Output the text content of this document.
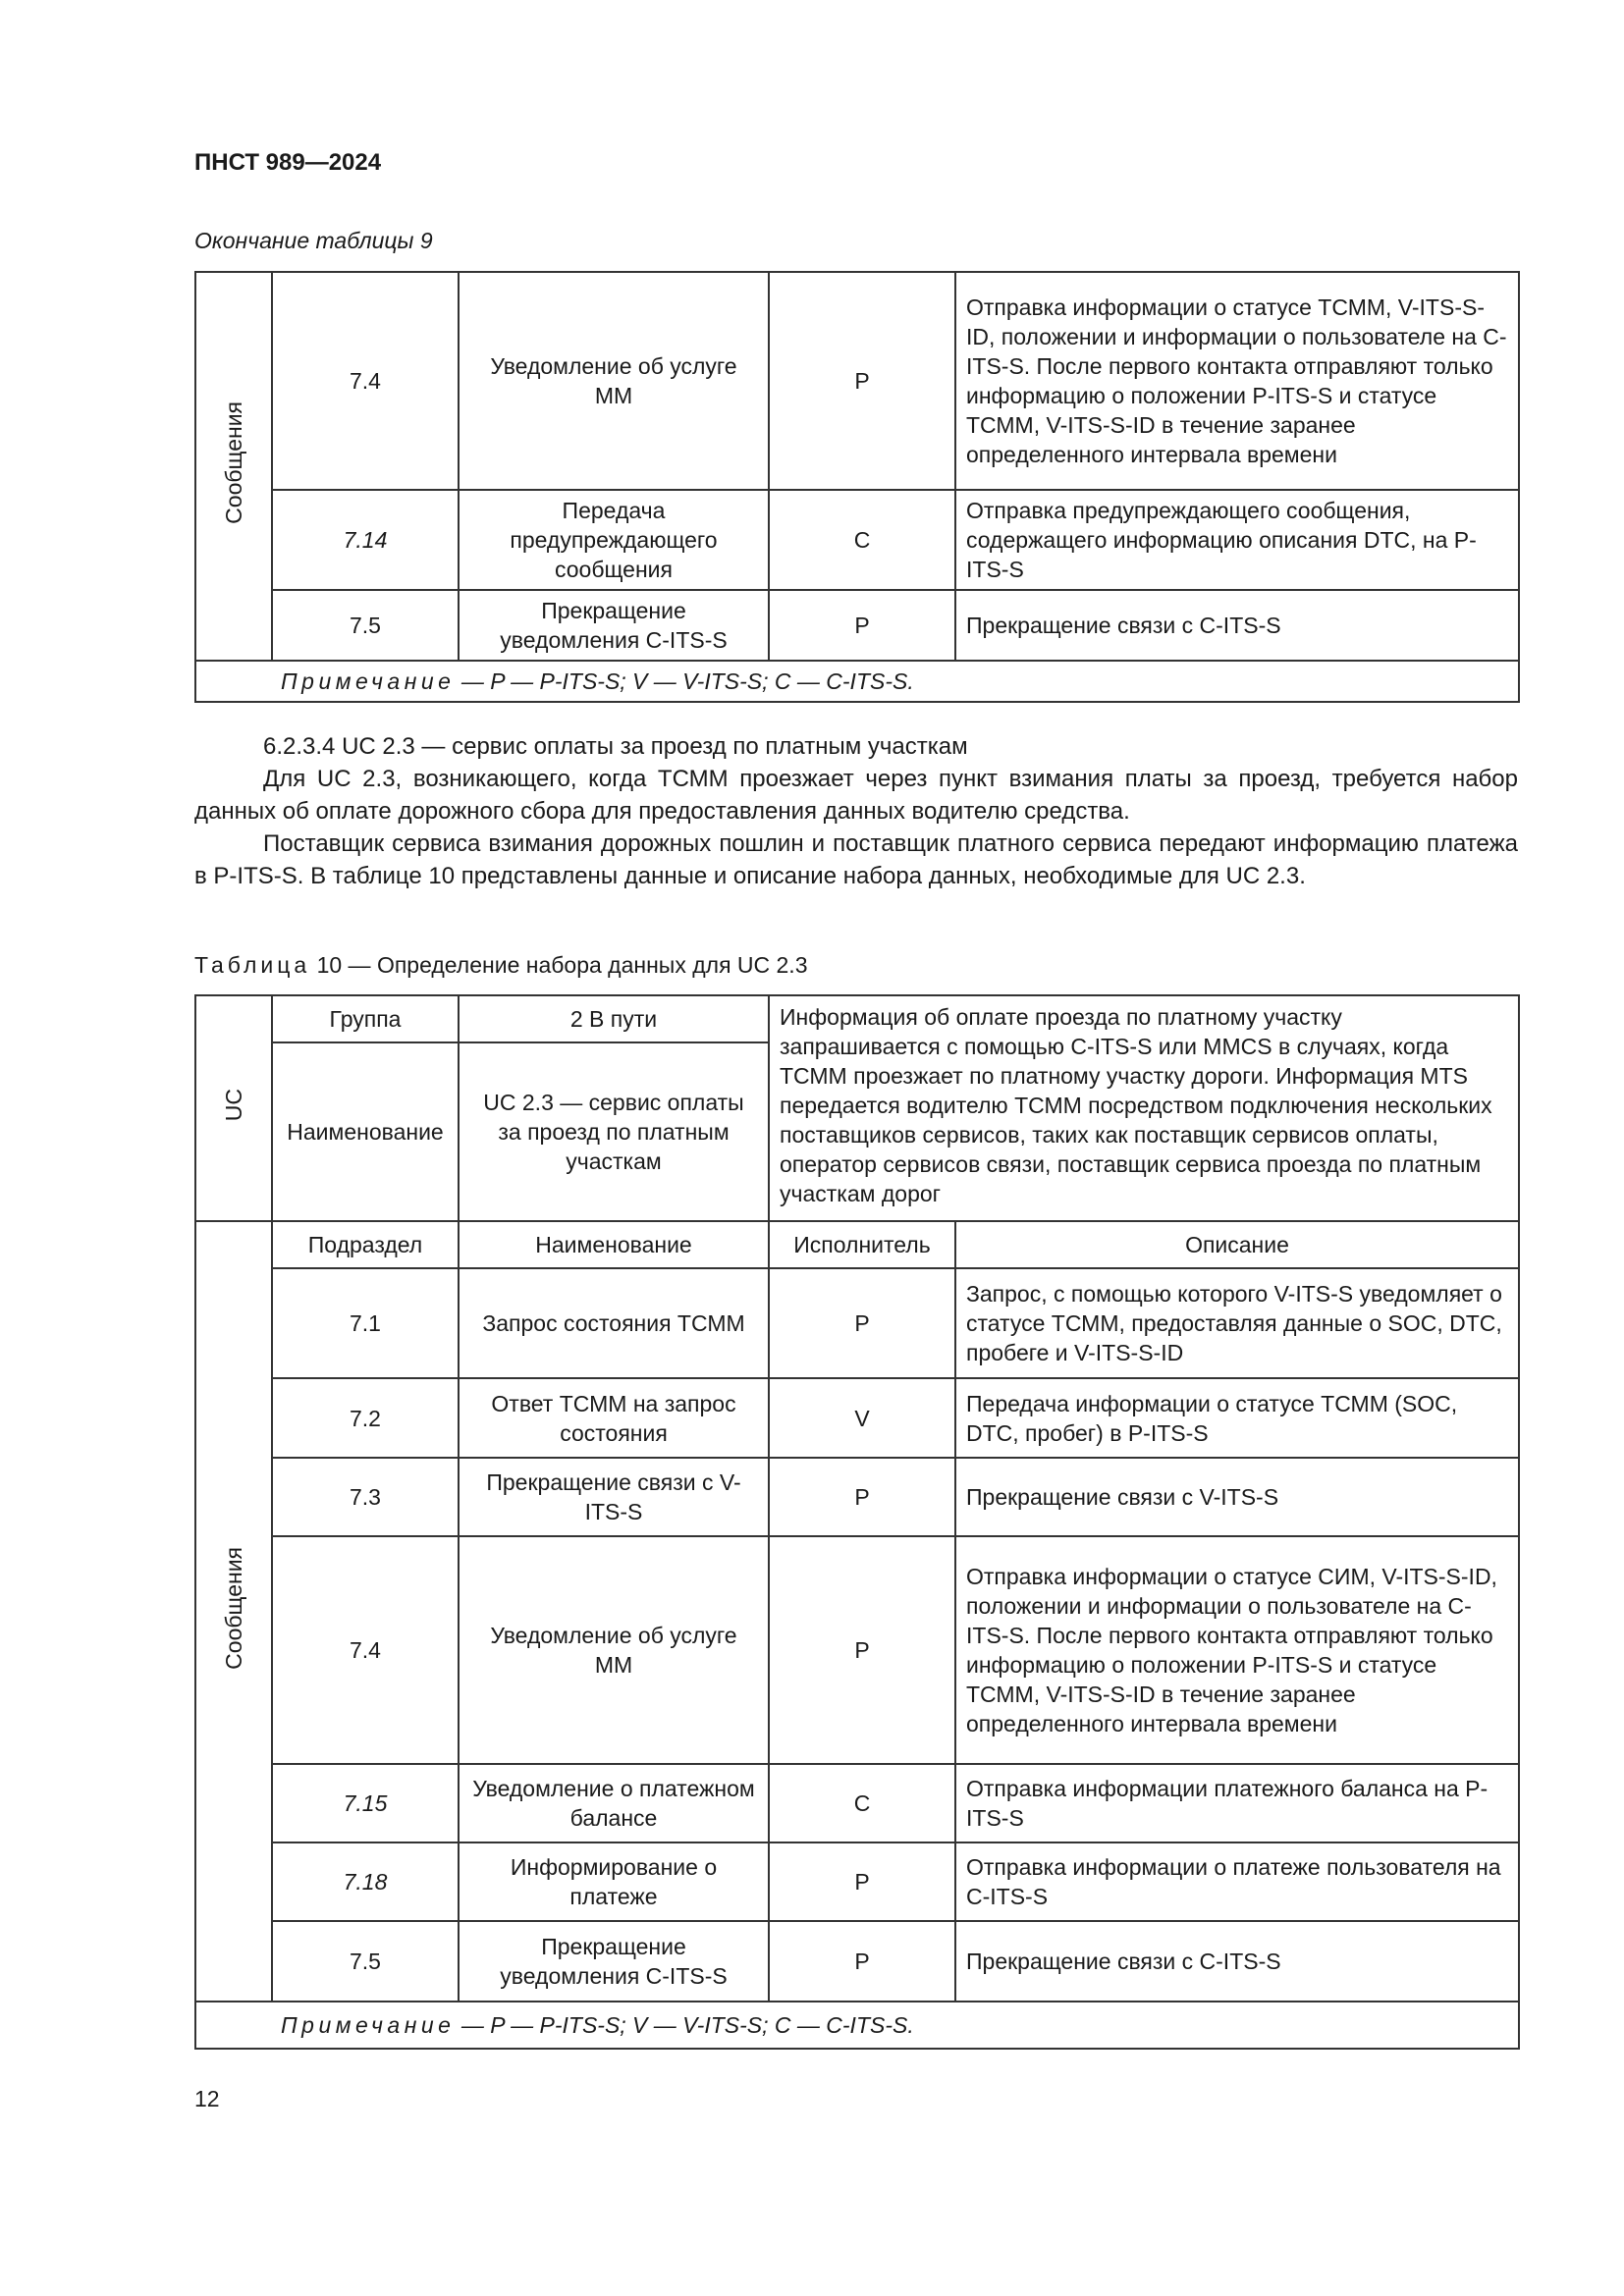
ПНСТ 989—2024
Окончание таблицы 9
Сообщения	7.4	Уведомление об услуге ММ	P	Отправка информации о статусе ТСММ, V-ITS-S-ID, положении и информации о пользователе на C-ITS-S. После первого контакта отправляют только информацию о положении P-ITS-S и статусе ТСММ, V-ITS-S-ID в течение заранее определенного интервала времени
	7.14	Передача предупреждающего сообщения	C	Отправка предупреждающего сообщения, содержащего информацию описания DTC, на P-ITS-S
	7.5	Прекращение уведомления C-ITS-S	P	Прекращение связи с C-ITS-S
Примечание — P — P-ITS-S; V — V-ITS-S; C — C-ITS-S.				

6.2.3.4 UC 2.3 — сервис оплаты за проезд по платным участкам

Для UC 2.3, возникающего, когда ТСММ проезжает через пункт взимания платы за проезд, требуется набор данных об оплате дорожного сбора для предоставления данных водителю средства.

Поставщик сервиса взимания дорожных пошлин и поставщик платного сервиса передают информацию платежа в P-ITS-S. В таблице 10 представлены данные и описание набора данных, необходимые для UC 2.3.

Таблица 10 — Определение набора данных для UC 2.3
UC	Группа	2 В пути	Информация об оплате проезда по платному участку запрашивается с помощью C-ITS-S или MMCS в случаях, когда ТСММ проезжает по платному участку дороги. Информация MTS передается водителю ТСММ посредством подключения нескольких поставщиков сервисов, таких как поставщик сервисов оплаты, оператор сервисов связи, поставщик сервиса проезда по платным участкам дорог	
	Наименование	UC 2.3 — сервис оплаты за проезд по платным участкам		
Сообщения	Подраздел	Наименование	Исполнитель	Описание
	7.1	Запрос состояния ТСММ	P	Запрос, с помощью которого V-ITS-S уведомляет о статусе ТСММ, предоставляя данные о SOC, DTC, пробеге и V-ITS-S-ID
	7.2	Ответ ТСММ на запрос состояния	V	Передача информации о статусе ТСММ (SOC, DTC, пробег) в P-ITS-S
	7.3	Прекращение связи с V-ITS-S	P	Прекращение связи с V-ITS-S
	7.4	Уведомление об услуге ММ	P	Отправка информации о статусе СИМ, V-ITS-S-ID, положении и информации о пользователе на C-ITS-S. После первого контакта отправляют только информацию о положении P-ITS-S и статусе ТСММ, V-ITS-S-ID в течение заранее определенного интервала времени
	7.15	Уведомление о платежном балансе	C	Отправка информации платежного баланса на P-ITS-S
	7.18	Информирование о платеже	P	Отправка информации о платеже пользователя на C-ITS-S
	7.5	Прекращение уведомления C-ITS-S	P	Прекращение связи с C-ITS-S
Примечание — P — P-ITS-S; V — V-ITS-S; C — C-ITS-S.				
12
